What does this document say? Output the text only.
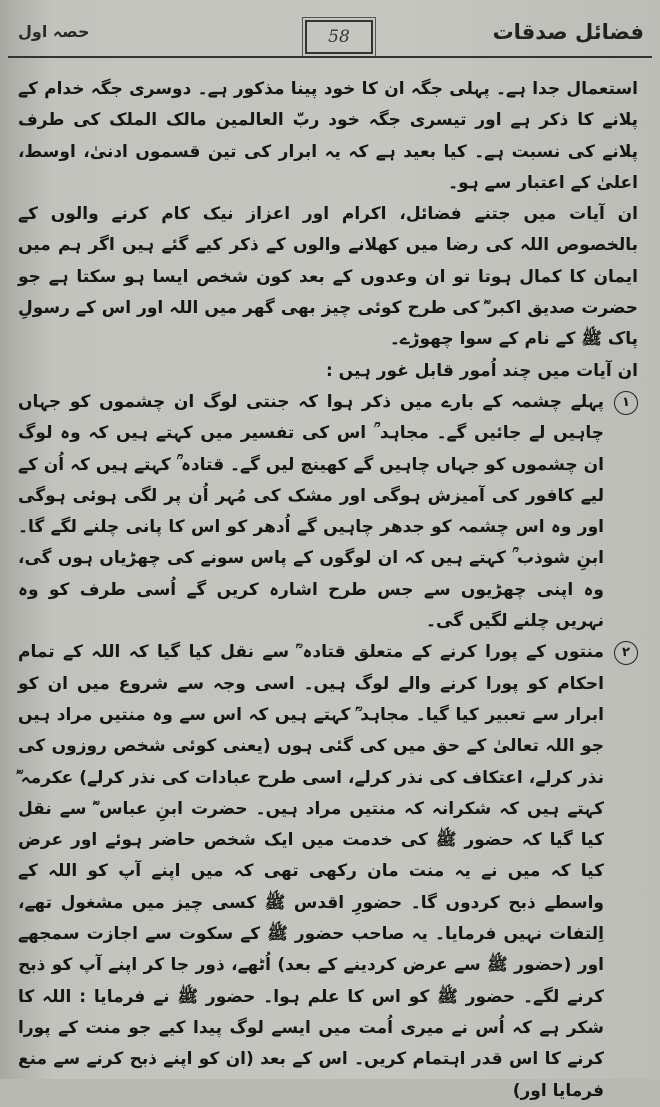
فضائل صدقات
58
حصہ اول

استعمال جدا ہے۔ پہلی جگہ ان کا خود پینا مذکور ہے۔ دوسری جگہ خدام کے پلانے کا ذکر ہے اور تیسری جگہ خود ربّ العالمین مالک الملک کی طرف پلانے کی نسبت ہے۔ کیا بعید ہے کہ یہ ابرار کی تین قسموں ادنیٰ، اوسط، اعلیٰ کے اعتبار سے ہو۔

ان آیات میں جتنے فضائل، اکرام اور اعزاز نیک کام کرنے والوں کے بالخصوص اللہ کی رضا میں کھلانے والوں کے ذکر کیے گئے ہیں اگر ہم میں ایمان کا کمال ہوتا تو ان وعدوں کے بعد کون شخص ایسا ہو سکتا ہے جو حضرت صدیق اکبر ؓ کی طرح کوئی چیز بھی گھر میں اللہ اور اس کے رسولِ پاک ﷺ کے نام کے سوا چھوڑے۔

ان آیات میں چند اُمور قابل غور ہیں :

۱

پہلے چشمہ کے بارے میں ذکر ہوا کہ جنتی لوگ ان چشموں کو جہاں چاہیں لے جائیں گے۔ مجاہد ؒ اس کی تفسیر میں کہتے ہیں کہ وہ لوگ ان چشموں کو جہاں چاہیں گے کھینچ لیں گے۔ قتادہ ؒ کہتے ہیں کہ اُن کے لیے کافور کی آمیزش ہوگی اور مشک کی مُہر اُن پر لگی ہوئی ہوگی اور وہ اس چشمہ کو جدھر چاہیں گے اُدھر کو اس کا پانی چلنے لگے گا۔ ابنِ شوذب ؒ کہتے ہیں کہ ان لوگوں کے پاس سونے کی چھڑیاں ہوں گی، وہ اپنی چھڑیوں سے جس طرح اشارہ کریں گے اُسی طرف کو وہ نہریں چلنے لگیں گی۔

۲

منتوں کے پورا کرنے کے متعلق قتادہ ؒ سے نقل کیا گیا کہ اللہ کے تمام احکام کو پورا کرنے والے لوگ ہیں۔ اسی وجہ سے شروع میں ان کو ابرار سے تعبیر کیا گیا۔ مجاہد ؒ کہتے ہیں کہ اس سے وہ منتیں مراد ہیں جو اللہ تعالیٰ کے حق میں کی گئی ہوں (یعنی کوئی شخص روزوں کی نذر کرلے، اعتکاف کی نذر کرلے، اسی طرح عبادات کی نذر کرلے) عکرمہ ؓ کہتے ہیں کہ شکرانہ کہ منتیں مراد ہیں۔ حضرت ابنِ عباس ؓ سے نقل کیا گیا کہ حضور ﷺ کی خدمت میں ایک شخص حاضر ہوئے اور عرض کیا کہ میں نے یہ منت مان رکھی تھی کہ میں اپنے آپ کو اللہ کے واسطے ذبح کردوں گا۔ حضورِ اقدس ﷺ کسی چیز میں مشغول تھے، اِلتفات نہیں فرمایا۔ یہ صاحب حضور ﷺ کے سکوت سے اجازت سمجھے اور (حضور ﷺ سے عرض کردینے کے بعد) اُٹھے، ذور جا کر اپنے آپ کو ذبح کرنے لگے۔ حضور ﷺ کو اس کا علم ہوا۔ حضور ﷺ نے فرمایا : اللہ کا شکر ہے کہ اُس نے میری اُمت میں ایسے لوگ پیدا کیے جو منت کے پورا کرنے کا اس قدر اہتمام کریں۔ اس کے بعد (ان کو اپنے ذبح کرنے سے منع فرمایا اور)
